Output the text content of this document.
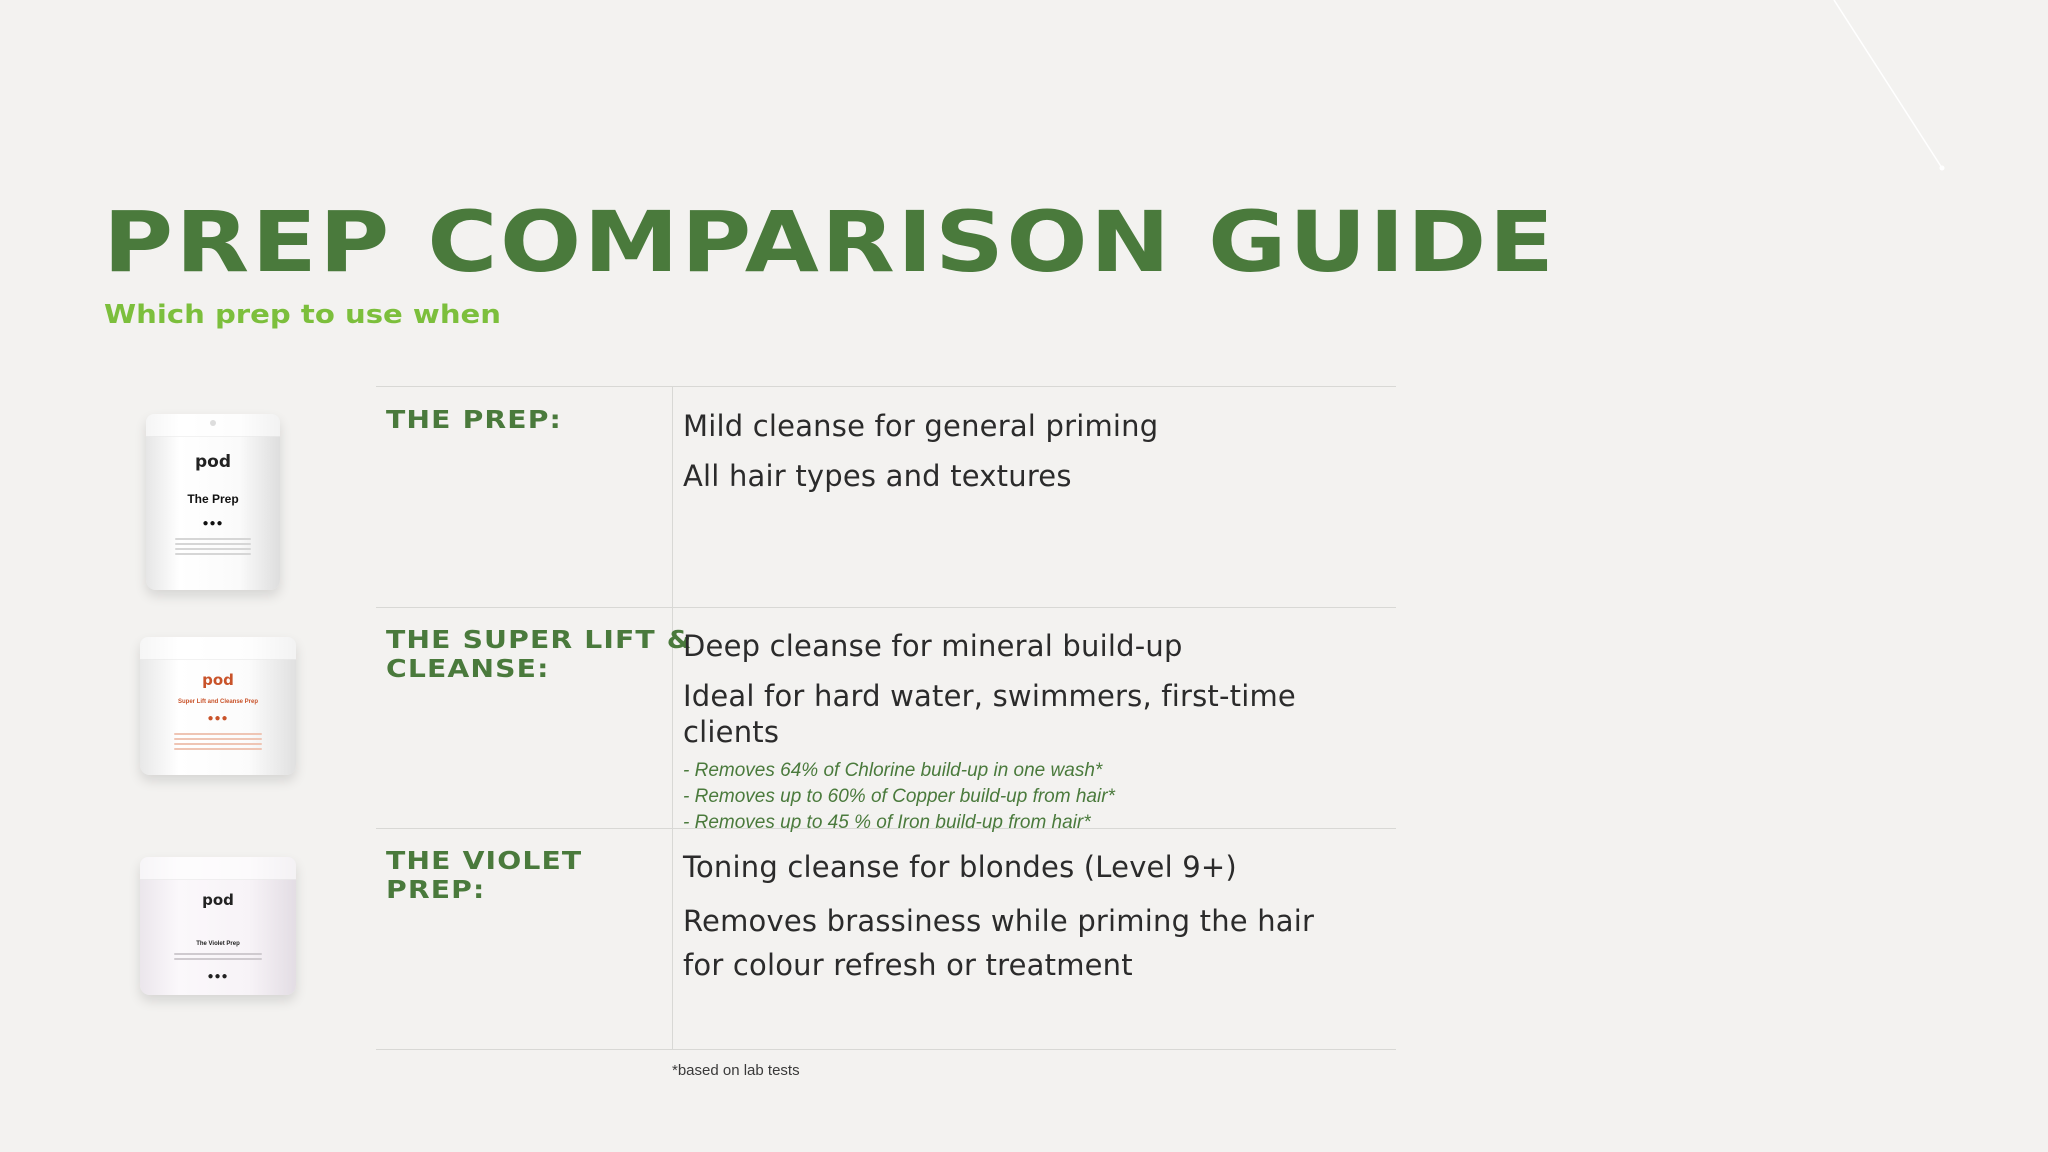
PREP COMPARISON GUIDE
Which prep to use when
pod
The Prep
●●●
pod
Super Lift and Cleanse Prep
●●●
pod
The Violet Prep
●●●

THE PREP:	Mild cleanse for general priming

All hair types and textures

THE SUPER LIFT & CLEANSE:

Deep cleanse for mineral build-up

Ideal for hard water, swimmers, first-time clients

- Removes 64% of Chlorine build-up in one wash*

- Removes up to 60% of Copper build-up from hair*

- Removes up to 45 % of Iron build-up from hair*

THE VIOLET PREP:

Toning cleanse for blondes (Level 9+)

Removes brassiness while priming the hair for colour refresh or treatment

*based on lab tests
